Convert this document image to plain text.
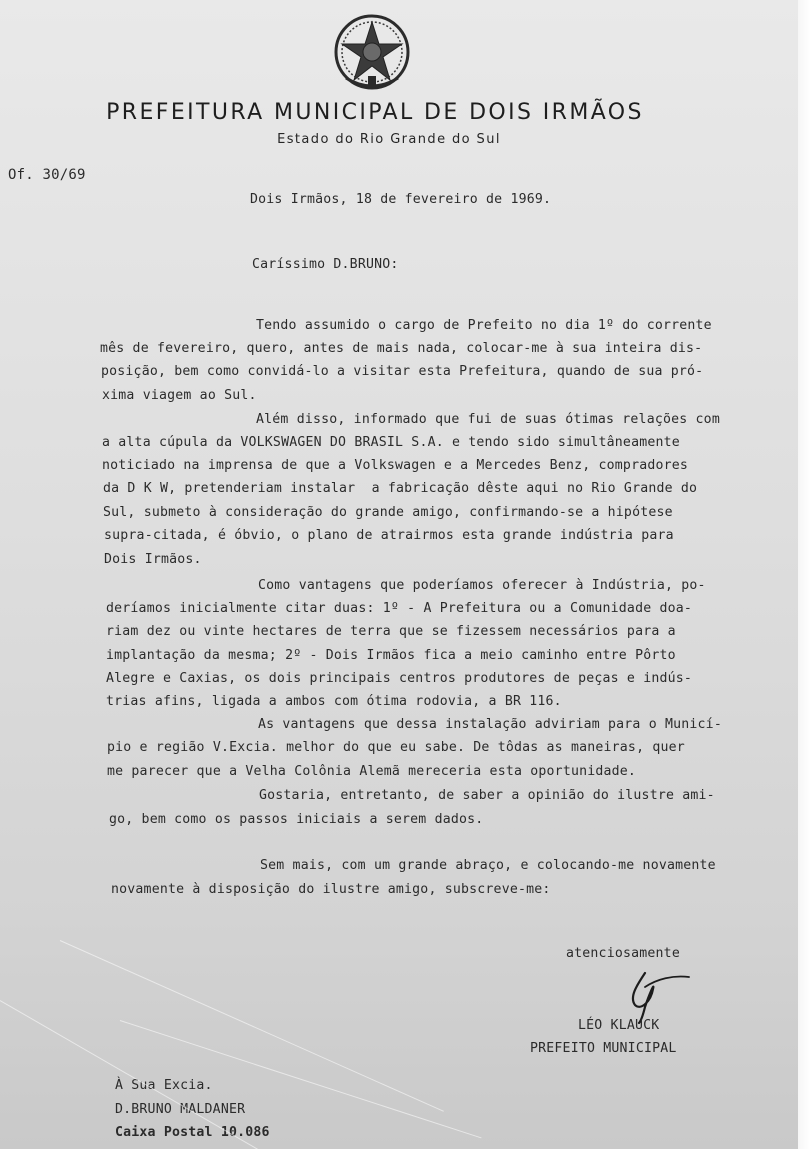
PREFEITURA MUNICIPAL DE DOIS IRMÃOS
Estado do Rio Grande do Sul
Of. 30/69
Dois Irmãos, 18 de fevereiro de 1969.
Caríssimo D.BRUNO:
Tendo assumido o cargo de Prefeito no dia 1º do corrente
mês de fevereiro, quero, antes de mais nada, colocar-me à sua inteira dis-
posição, bem como convidá-lo a visitar esta Prefeitura, quando de sua pró-
xima viagem ao Sul.
Além disso, informado que fui de suas ótimas relações com
a alta cúpula da VOLKSWAGEN DO BRASIL S.A. e tendo sido simultâneamente
noticiado na imprensa de que a Volkswagen e a Mercedes Benz, compradores
da D K W, pretenderiam instalar  a fabricação dêste aqui no Rio Grande do
Sul, submeto à consideração do grande amigo, confirmando-se a hipótese
supra-citada, é óbvio, o plano de atrairmos esta grande indústria para
Dois Irmãos.
Como vantagens que poderíamos oferecer à Indústria, po-
deríamos inicialmente citar duas: 1º - A Prefeitura ou a Comunidade doa-
riam dez ou vinte hectares de terra que se fizessem necessários para a
implantação da mesma; 2º - Dois Irmãos fica a meio caminho entre Pôrto
Alegre e Caxias, os dois principais centros produtores de peças e indús-
trias afins, ligada a ambos com ótima rodovia, a BR 116.
As vantagens que dessa instalação adviriam para o Municí-
pio e região V.Excia. melhor do que eu sabe. De tôdas as maneiras, quer
me parecer que a Velha Colônia Alemã mereceria esta oportunidade.
Gostaria, entretanto, de saber a opinião do ilustre ami-
go, bem como os passos iniciais a serem dados.
Sem mais, com um grande abraço, e colocando-me novamente
novamente à disposição do ilustre amigo, subscreve-me:
atenciosamente
LÉO KLAUCK
PREFEITO MUNICIPAL
À Sua Excia.
D.BRUNO MALDANER
Caixa Postal 10.086
